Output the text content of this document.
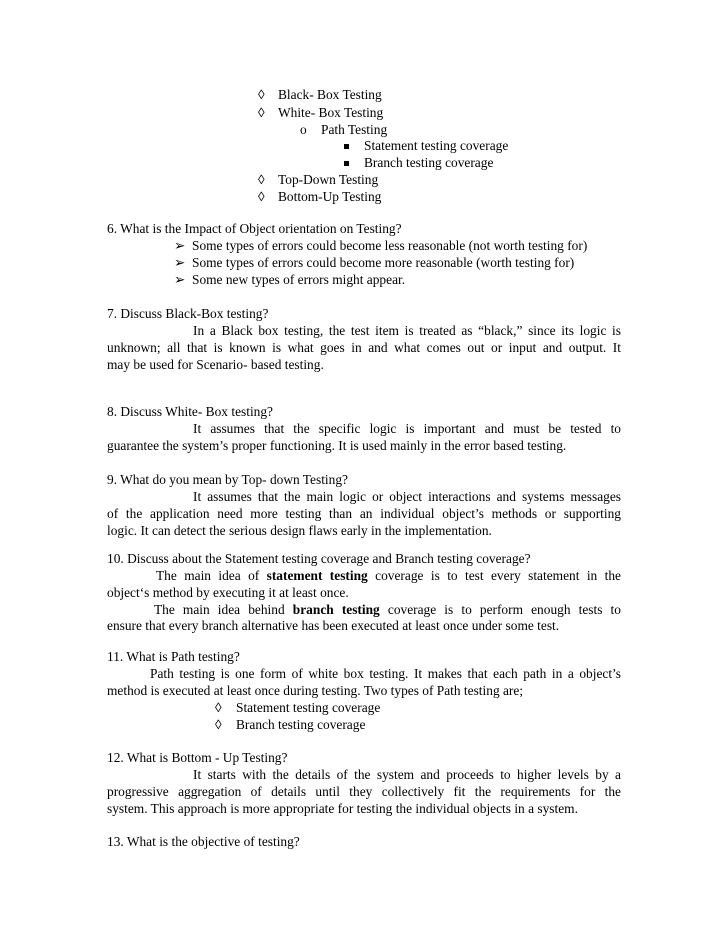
◊ Black- Box Testing
◊ White- Box Testing
o Path Testing
Statement testing coverage
Branch testing coverage
◊ Top-Down Testing
◊ Bottom-Up Testing
6. What is the Impact of Object orientation on Testing?
➢ Some types of errors could become less reasonable (not worth testing for)
➢ Some types of errors could become more reasonable (worth testing for)
➢ Some new types of errors might appear.
7. Discuss Black-Box testing?
In a Black box testing, the test item is treated as “black,” since its logic is
unknown; all that is known is what goes in and what comes out or input and output. It
may be used for Scenario- based testing.
8. Discuss White- Box testing?
It assumes that the specific logic is important and must be tested to
guarantee the system’s proper functioning. It is used mainly in the error based testing.
9. What do you mean by Top- down Testing?
It assumes that the main logic or object interactions and systems messages
of the application need more testing than an individual object’s methods or supporting
logic. It can detect the serious design flaws early in the implementation.
10. Discuss about the Statement testing coverage and Branch testing coverage?
The main idea of statement testing coverage is to test every statement in the
object‘s method by executing it at least once.
The main idea behind branch testing coverage is to perform enough tests to
ensure that every branch alternative has been executed at least once under some test.
11. What is Path testing?
Path testing is one form of white box testing. It makes that each path in a object’s
method is executed at least once during testing. Two types of Path testing are;
◊ Statement testing coverage
◊ Branch testing coverage
12. What is Bottom - Up Testing?
It starts with the details of the system and proceeds to higher levels by a
progressive aggregation of details until they collectively fit the requirements for the
system. This approach is more appropriate for testing the individual objects in a system.
13. What is the objective of testing?
